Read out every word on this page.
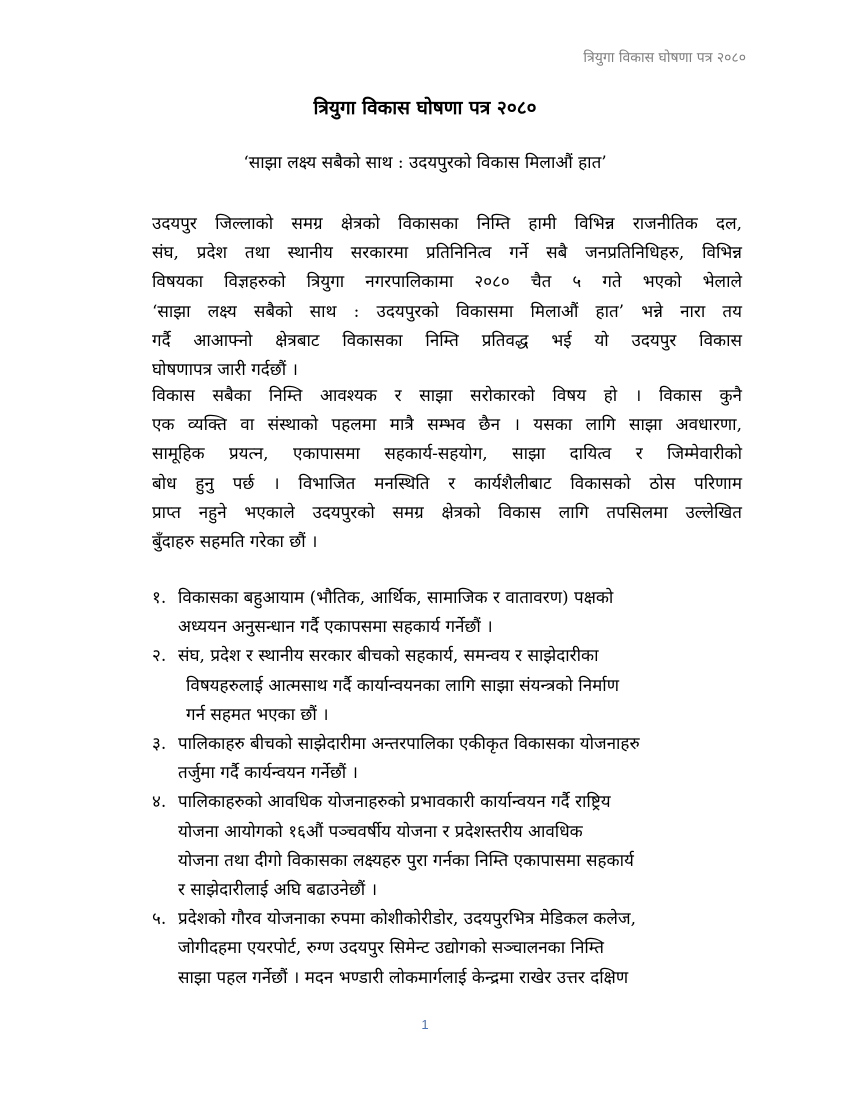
त्रियुगा विकास घोषणा पत्र २०८०
त्रियुगा विकास घोषणा पत्र २०८०
‘साझा लक्ष्य सबैको साथ : उदयपुरको विकास मिलाऔं हात’
उदयपुर जिल्लाको समग्र क्षेत्रको विकासका निम्ति हामी विभिन्न राजनीतिक दल,
संघ, प्रदेश तथा स्थानीय सरकारमा प्रतिनिनित्व गर्ने सबै जनप्रतिनिधिहरु, विभिन्न
विषयका विज्ञहरुको त्रियुगा नगरपालिकामा २०८० चैत ५ गते भएको भेलाले
‘साझा लक्ष्य सबैको साथ : उदयपुरको विकासमा मिलाऔं हात’ भन्ने नारा तय
गर्दै आआफ्नो क्षेत्रबाट विकासका निम्ति प्रतिवद्ध भई यो उदयपुर विकास
घोषणापत्र जारी गर्दछौं ।
विकास सबैका निम्ति आवश्यक र साझा सरोकारको विषय हो । विकास कुनै
एक व्यक्ति वा संस्थाको पहलमा मात्रै सम्भव छैन । यसका लागि साझा अवधारणा,
सामूहिक प्रयत्न, एकापासमा सहकार्य-सहयोग, साझा दायित्व र जिम्मेवारीको
बोध हुनु पर्छ । विभाजित मनस्थिति र कार्यशैलीबाट विकासको ठोस परिणाम
प्राप्त नहुने भएकाले उदयपुरको समग्र क्षेत्रको विकास लागि तपसिलमा उल्लेखित
बुँदाहरु सहमति गरेका छौं ।
१. विकासका बहुआयाम (भौतिक, आर्थिक, सामाजिक र वातावरण) पक्षको
अध्ययन अनुसन्धान गर्दै एकापसमा सहकार्य गर्नेछौं ।
२. संघ, प्रदेश र स्थानीय सरकार बीचको सहकार्य, समन्वय र साझेदारीका
विषयहरुलाई आत्मसाथ गर्दै कार्यान्वयनका लागि साझा संयन्त्रको निर्माण
गर्न सहमत भएका छौं ।
३. पालिकाहरु बीचको साझेदारीमा अन्तरपालिका एकीकृत विकासका योजनाहरु
तर्जुमा गर्दै कार्यन्वयन गर्नेछौं ।
४. पालिकाहरुको आवधिक योजनाहरुको प्रभावकारी कार्यान्वयन गर्दै राष्ट्रिय
योजना आयोगको १६औं पञ्चवर्षीय योजना र प्रदेशस्तरीय आवधिक
योजना तथा दीगो विकासका लक्ष्यहरु पुरा गर्नका निम्ति एकापासमा सहकार्य
र साझेदारीलाई अघि बढाउनेछौं ।
५. प्रदेशको गौरव योजनाका रुपमा कोशीकोरीडोर, उदयपुरभित्र मेडिकल कलेज,
जोगीदहमा एयरपोर्ट, रुग्ण उदयपुर सिमेन्ट उद्योगको सञ्चालनका निम्ति
साझा पहल गर्नेछौं । मदन भण्डारी लोकमार्गलाई केन्द्रमा राखेर उत्तर दक्षिण
1
